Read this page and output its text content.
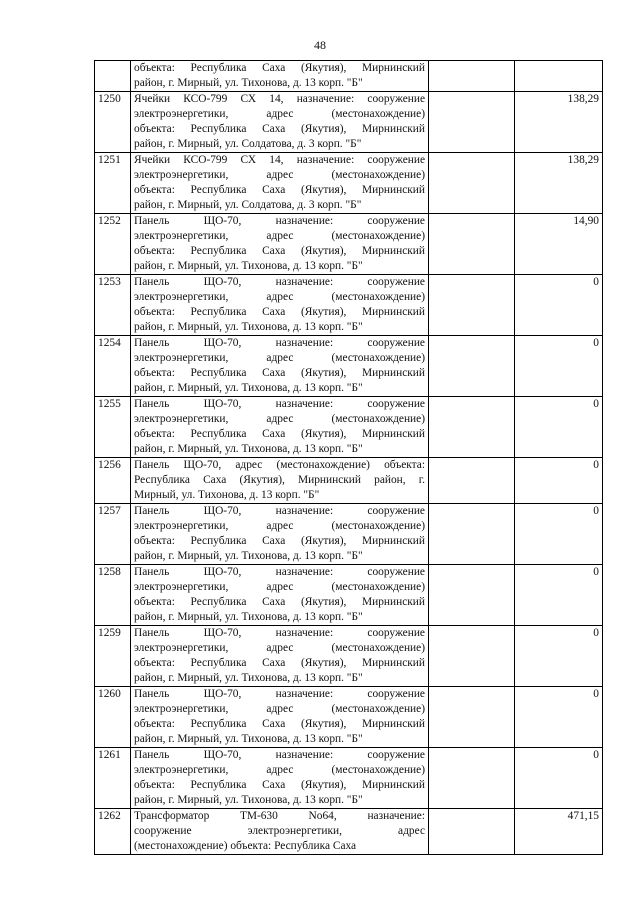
48

	объекта: Республика Саха (Якутия), Мирнинский
район, г. Мирный, ул. Тихонова, д. 13 корп. "Б"		

1250	Ячейки КСО-799 СХ 14, назначение: сооружение
электроэнергетики, адрес (местонахождение)
объекта: Республика Саха (Якутия), Мирнинский
район, г. Мирный, ул. Солдатова, д. 3 корп. "Б"		138,29
1251	Ячейки КСО-799 СХ 14, назначение: сооружение
электроэнергетики, адрес (местонахождение)
объекта: Республика Саха (Якутия), Мирнинский
район, г. Мирный, ул. Солдатова, д. 3 корп. "Б"		138,29
1252	Панель ЩО-70, назначение: сооружение
электроэнергетики, адрес (местонахождение)
объекта: Республика Саха (Якутия), Мирнинский
район, г. Мирный, ул. Тихонова, д. 13 корп. "Б"		14,90
1253	Панель ЩО-70, назначение: сооружение
электроэнергетики, адрес (местонахождение)
объекта: Республика Саха (Якутия), Мирнинский
район, г. Мирный, ул. Тихонова, д. 13 корп. "Б"		0
1254	Панель ЩО-70, назначение: сооружение
электроэнергетики, адрес (местонахождение)
объекта: Республика Саха (Якутия), Мирнинский
район, г. Мирный, ул. Тихонова, д. 13 корп. "Б"		0
1255	Панель ЩО-70, назначение: сооружение
электроэнергетики, адрес (местонахождение)
объекта: Республика Саха (Якутия), Мирнинский
район, г. Мирный, ул. Тихонова, д. 13 корп. "Б"		0
1256	Панель ЩО-70, адрес (местонахождение) объекта:
Республика Саха (Якутия), Мирнинский район, г.
Мирный, ул. Тихонова, д. 13 корп. "Б"		0
1257	Панель ЩО-70, назначение: сооружение
электроэнергетики, адрес (местонахождение)
объекта: Республика Саха (Якутия), Мирнинский
район, г. Мирный, ул. Тихонова, д. 13 корп. "Б"		0
1258	Панель ЩО-70, назначение: сооружение
электроэнергетики, адрес (местонахождение)
объекта: Республика Саха (Якутия), Мирнинский
район, г. Мирный, ул. Тихонова, д. 13 корп. "Б"		0
1259	Панель ЩО-70, назначение: сооружение
электроэнергетики, адрес (местонахождение)
объекта: Республика Саха (Якутия), Мирнинский
район, г. Мирный, ул. Тихонова, д. 13 корп. "Б"		0
1260	Панель ЩО-70, назначение: сооружение
электроэнергетики, адрес (местонахождение)
объекта: Республика Саха (Якутия), Мирнинский
район, г. Мирный, ул. Тихонова, д. 13 корп. "Б"		0
1261	Панель ЩО-70, назначение: сооружение
электроэнергетики, адрес (местонахождение)
объекта: Республика Саха (Якутия), Мирнинский
район, г. Мирный, ул. Тихонова, д. 13 корп. "Б"		0
1262	Трансформатор ТМ-630 No64, назначение:
сооружение электроэнергетики, адрес
(местонахождение) объекта: Республика Саха		471,15
